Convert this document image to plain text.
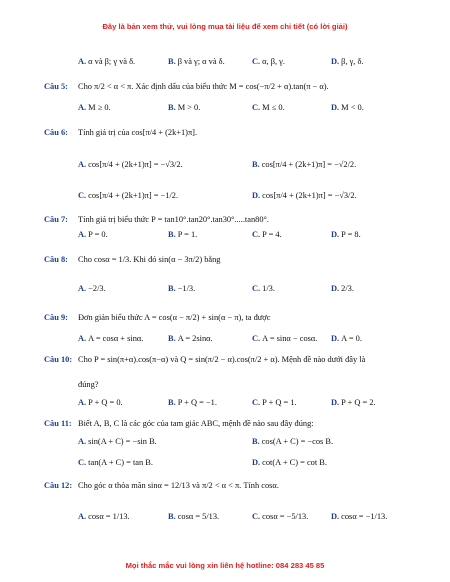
Đây là bản xem thử, vui lòng mua tài liệu để xem chi tiết (có lời giải)
A. α và β; γ và δ.	B. β và γ; α và δ.	C. α, β, γ.	D. β, γ, δ.
Câu 5: Cho π/2 < α < π. Xác định dấu của biểu thức M = cos(−π/2 + α).tan(π − α).
A. M ≥ 0.	B. M > 0.	C. M ≤ 0.	D. M < 0.
Câu 6: Tính giá trị của cos[π/4 + (2k+1)π].
A. cos[π/4 + (2k+1)π] = −√3/2.	B. cos[π/4 + (2k+1)π] = −√2/2.
C. cos[π/4 + (2k+1)π] = −1/2.	D. cos[π/4 + (2k+1)π] = −√3/2.
Câu 7: Tính giá trị biểu thức P = tan10°.tan20°.tan30°.....tan80°.
A. P = 0.	B. P = 1.	C. P = 4.	D. P = 8.
Câu 8: Cho cosα = 1/3. Khi đó sin(α − 3π/2) bằng
A. −2/3.	B. −1/3.	C. 1/3.	D. 2/3.
Câu 9: Đơn giản biểu thức A = cos(α − π/2) + sin(α − π), ta được
A. A = cosα + sinα.	B. A = 2sinα.	C. A = sinα − cosα. D. A = 0.
Câu 10: Cho P = sin(π+α).cos(π−α) và Q = sin(π/2 − α).cos(π/2 + α). Mệnh đề nào dưới đây là
đúng?
A. P + Q = 0.	B. P + Q = −1.	C. P + Q = 1.	D. P + Q = 2.
Câu 11: Biết A, B, C là các góc của tam giác ABC, mệnh đề nào sau đây đúng:
A. sin(A + C) = −sin B.	B. cos(A + C) = −cos B.
C. tan(A + C) = tan B.	D. cot(A + C) = cot B.
Câu 12: Cho góc α thỏa mãn sinα = 12/13 và π/2 < α < π. Tính cosα.
A. cosα = 1/13.	B. cosα = 5/13.	C. cosα = −5/13.	D. cosα = −1/13.
Mọi thắc mắc vui lòng xin liên hệ hotline: 084 283 45 85
